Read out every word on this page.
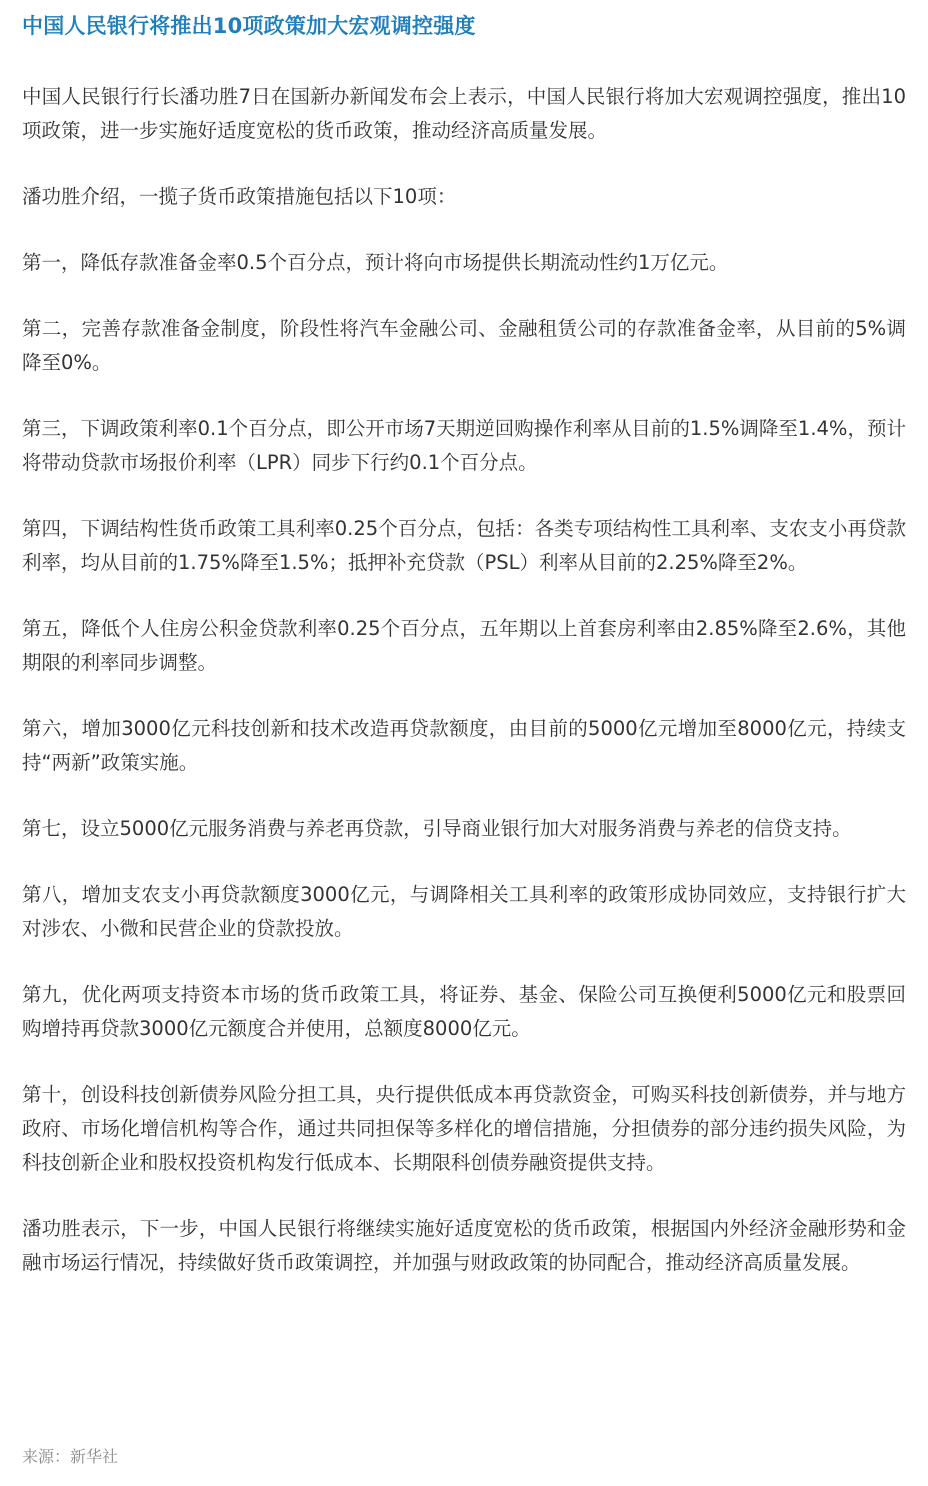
中国人民银行将推出10项政策加大宏观调控强度

中国人民银行行长潘功胜7日在国新办新闻发布会上表示，中国人民银行将加大宏观调控强度，推出10项政策，进一步实施好适度宽松的货币政策，推动经济高质量发展。

潘功胜介绍，一揽子货币政策措施包括以下10项：

第一，降低存款准备金率0.5个百分点，预计将向市场提供长期流动性约1万亿元。

第二，完善存款准备金制度，阶段性将汽车金融公司、金融租赁公司的存款准备金率，从目前的5%调降至0%。

第三，下调政策利率0.1个百分点，即公开市场7天期逆回购操作利率从目前的1.5%调降至1.4%，预计将带动贷款市场报价利率（LPR）同步下行约0.1个百分点。

第四，下调结构性货币政策工具利率0.25个百分点，包括：各类专项结构性工具利率、支农支小再贷款利率，均从目前的1.75%降至1.5%；抵押补充贷款（PSL）利率从目前的2.25%降至2%。

第五，降低个人住房公积金贷款利率0.25个百分点，五年期以上首套房利率由2.85%降至2.6%，其他期限的利率同步调整。

第六，增加3000亿元科技创新和技术改造再贷款额度，由目前的5000亿元增加至8000亿元，持续支持“两新”政策实施。

第七，设立5000亿元服务消费与养老再贷款，引导商业银行加大对服务消费与养老的信贷支持。

第八，增加支农支小再贷款额度3000亿元，与调降相关工具利率的政策形成协同效应，支持银行扩大对涉农、小微和民营企业的贷款投放。

第九，优化两项支持资本市场的货币政策工具，将证券、基金、保险公司互换便利5000亿元和股票回购增持再贷款3000亿元额度合并使用，总额度8000亿元。

第十，创设科技创新债券风险分担工具，央行提供低成本再贷款资金，可购买科技创新债券，并与地方政府、市场化增信机构等合作，通过共同担保等多样化的增信措施，分担债券的部分违约损失风险，为科技创新企业和股权投资机构发行低成本、长期限科创债券融资提供支持。

潘功胜表示，下一步，中国人民银行将继续实施好适度宽松的货币政策，根据国内外经济金融形势和金融市场运行情况，持续做好货币政策调控，并加强与财政政策的协同配合，推动经济高质量发展。

来源：新华社
